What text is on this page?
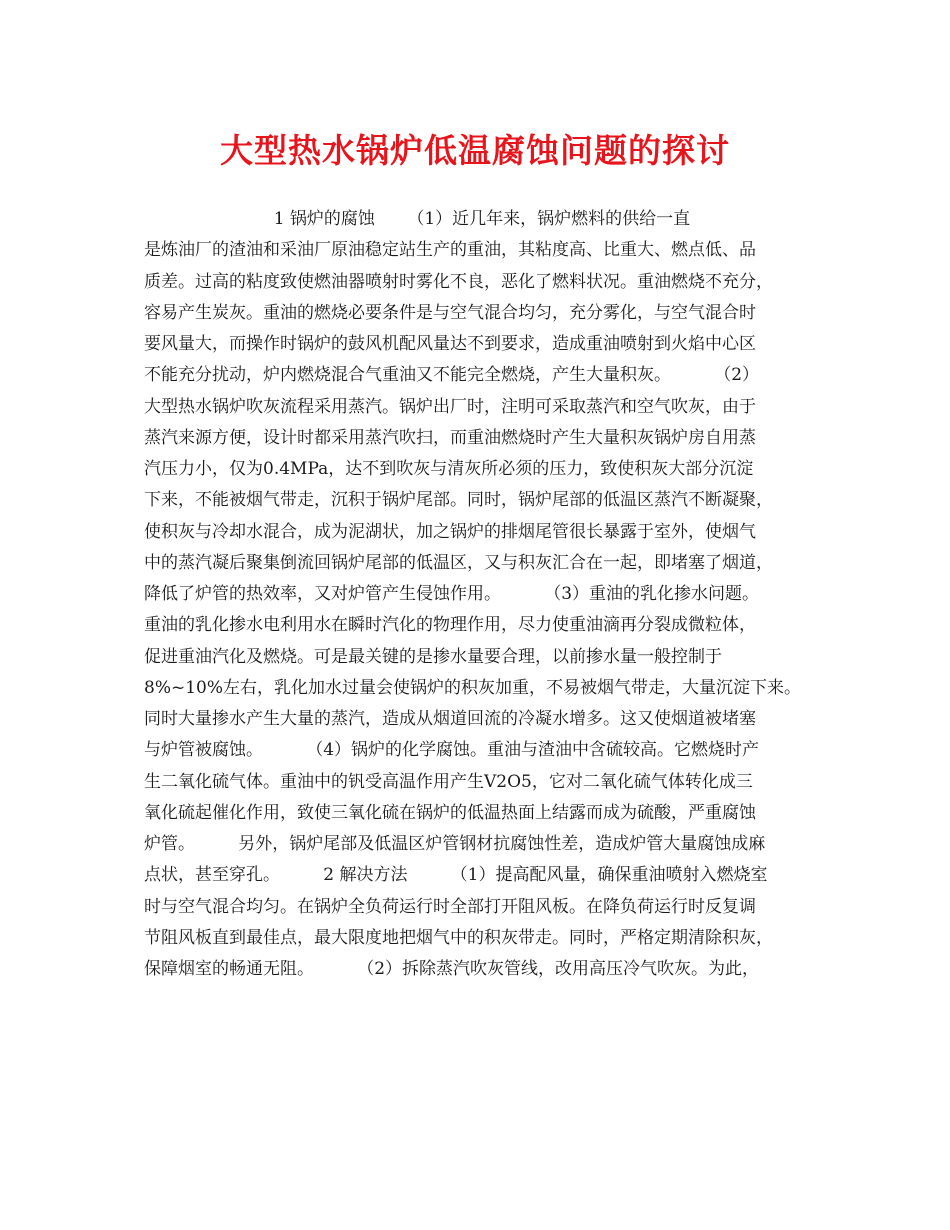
大型热水锅炉低温腐蚀问题的探讨
1 锅炉的腐蚀      （1）近几年来，锅炉燃料的供给一直
是炼油厂的渣油和采油厂原油稳定站生产的重油，其粘度高、比重大、燃点低、品
质差。过高的粘度致使燃油器喷射时雾化不良，恶化了燃料状况。重油燃烧不充分，
容易产生炭灰。重油的燃烧必要条件是与空气混合均匀，充分雾化，与空气混合时
要风量大，而操作时锅炉的鼓风机配风量达不到要求，造成重油喷射到火焰中心区
不能充分扰动，炉内燃烧混合气重油又不能完全燃烧，产生大量积灰。        （2）
大型热水锅炉吹灰流程采用蒸汽。锅炉出厂时，注明可采取蒸汽和空气吹灰，由于
蒸汽来源方便，设计时都采用蒸汽吹扫，而重油燃烧时产生大量积灰锅炉房自用蒸
汽压力小，仅为0.4MPa，达不到吹灰与清灰所必须的压力，致使积灰大部分沉淀
下来，不能被烟气带走，沉积于锅炉尾部。同时，锅炉尾部的低温区蒸汽不断凝聚，
使积灰与冷却水混合，成为泥湖状，加之锅炉的排烟尾管很长暴露于室外，使烟气
中的蒸汽凝后聚集倒流回锅炉尾部的低温区，又与积灰汇合在一起，即堵塞了烟道，
降低了炉管的热效率，又对炉管产生侵蚀作用。        （3）重油的乳化掺水问题。
重油的乳化掺水电利用水在瞬时汽化的物理作用，尽力使重油滴再分裂成微粒体，
促进重油汽化及燃烧。可是最关键的是掺水量要合理，以前掺水量一般控制于
8%~10%左右，乳化加水过量会使锅炉的积灰加重，不易被烟气带走，大量沉淀下来。
同时大量掺水产生大量的蒸汽，造成从烟道回流的冷凝水增多。这又使烟道被堵塞
与炉管被腐蚀。        （4）锅炉的化学腐蚀。重油与渣油中含硫较高。它燃烧时产
生二氧化硫气体。重油中的钒受高温作用产生V2O5，它对二氧化硫气体转化成三
氧化硫起催化作用，致使三氧化硫在锅炉的低温热面上结露而成为硫酸，严重腐蚀
炉管。        另外，锅炉尾部及低温区炉管钢材抗腐蚀性差，造成炉管大量腐蚀成麻
点状，甚至穿孔。        2 解决方法        （1）提高配风量，确保重油喷射入燃烧室
时与空气混合均匀。在锅炉全负荷运行时全部打开阻风板。在降负荷运行时反复调
节阻风板直到最佳点，最大限度地把烟气中的积灰带走。同时，严格定期清除积灰，
保障烟室的畅通无阻。        （2）拆除蒸汽吹灰管线，改用高压冷气吹灰。为此，
